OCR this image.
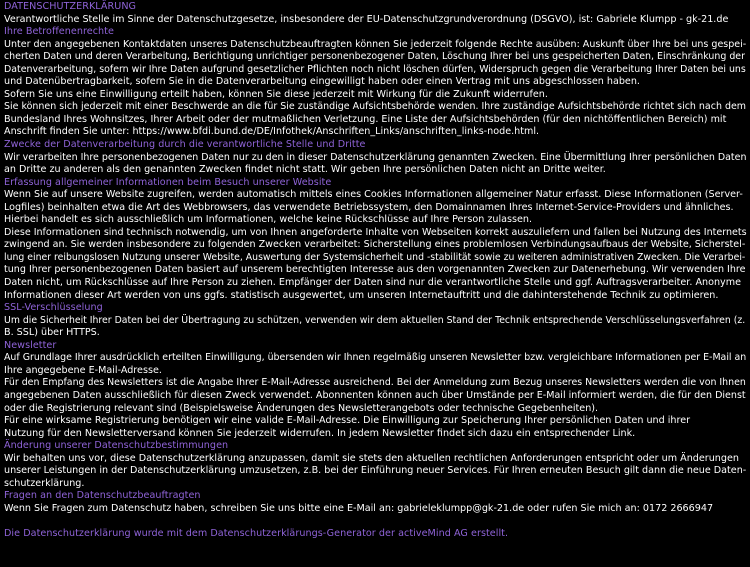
DATENSCHUTZERKLÄRUNG
Verantwortliche Stelle im Sinne der Datenschutzgesetze, insbesondere der EU-Datenschutzgrundverordnung (DSGVO), ist: Gabriele Klumpp - gk-21.de
Ihre Betroffenenrechte
Unter den angegebenen Kontaktdaten unseres Datenschutzbeauftragten können Sie jederzeit folgende Rechte ausüben: Auskunft über Ihre bei uns gespei-
cherten Daten und deren Verarbeitung, Berichtigung unrichtiger personenbezogener Daten, Löschung Ihrer bei uns gespeicherten Daten, Einschränkung der
Datenverarbeitung, sofern wir Ihre Daten aufgrund gesetzlicher Pflichten noch nicht löschen dürfen, Widerspruch gegen die Verarbeitung Ihrer Daten bei uns
und Datenübertragbarkeit, sofern Sie in die Datenverarbeitung eingewilligt haben oder einen Vertrag mit uns abgeschlossen haben.
Sofern Sie uns eine Einwilligung erteilt haben, können Sie diese jederzeit mit Wirkung für die Zukunft widerrufen.
Sie können sich jederzeit mit einer Beschwerde an die für Sie zuständige Aufsichtsbehörde wenden. Ihre zuständige Aufsichtsbehörde richtet sich nach dem
Bundesland Ihres Wohnsitzes, Ihrer Arbeit oder der mutmaßlichen Verletzung. Eine Liste der Aufsichtsbehörden (für den nichtöffentlichen Bereich) mit
Anschrift finden Sie unter: https://www.bfdi.bund.de/DE/Infothek/Anschriften_Links/anschriften_links-node.html.
Zwecke der Datenverarbeitung durch die verantwortliche Stelle und Dritte
Wir verarbeiten Ihre personenbezogenen Daten nur zu den in dieser Datenschutzerklärung genannten Zwecken. Eine Übermittlung Ihrer persönlichen Daten
an Dritte zu anderen als den genannten Zwecken findet nicht statt. Wir geben Ihre persönlichen Daten nicht an Dritte weiter.
Erfassung allgemeiner Informationen beim Besuch unserer Website
Wenn Sie auf unsere Website zugreifen, werden automatisch mittels eines Cookies Informationen allgemeiner Natur erfasst. Diese Informationen (Server-
Logfiles) beinhalten etwa die Art des Webbrowsers, das verwendete Betriebssystem, den Domainnamen Ihres Internet-Service-Providers und ähnliches.
Hierbei handelt es sich ausschließlich um Informationen, welche keine Rückschlüsse auf Ihre Person zulassen.
Diese Informationen sind technisch notwendig, um von Ihnen angeforderte Inhalte von Webseiten korrekt auszuliefern und fallen bei Nutzung des Internets
zwingend an. Sie werden insbesondere zu folgenden Zwecken verarbeitet: Sicherstellung eines problemlosen Verbindungsaufbaus der Website, Sicherstel-
lung einer reibungslosen Nutzung unserer Website, Auswertung der Systemsicherheit und -stabilität sowie zu weiteren administrativen Zwecken. Die Verarbei-
tung Ihrer personenbezogenen Daten basiert auf unserem berechtigten Interesse aus den vorgenannten Zwecken zur Datenerhebung. Wir verwenden Ihre
Daten nicht, um Rückschlüsse auf Ihre Person zu ziehen. Empfänger der Daten sind nur die verantwortliche Stelle und ggf. Auftragsverarbeiter. Anonyme
Informationen dieser Art werden von uns ggfs. statistisch ausgewertet, um unseren Internetauftritt und die dahinterstehende Technik zu optimieren.
SSL-Verschlüsselung
Um die Sicherheit Ihrer Daten bei der Übertragung zu schützen, verwenden wir dem aktuellen Stand der Technik entsprechende Verschlüsselungsverfahren (z.
B. SSL) über HTTPS.
Newsletter
Auf Grundlage Ihrer ausdrücklich erteilten Einwilligung, übersenden wir Ihnen regelmäßig unseren Newsletter bzw. vergleichbare Informationen per E-Mail an
Ihre angegebene E-Mail-Adresse.
Für den Empfang des Newsletters ist die Angabe Ihrer E-Mail-Adresse ausreichend. Bei der Anmeldung zum Bezug unseres Newsletters werden die von Ihnen
angegebenen Daten ausschließlich für diesen Zweck verwendet. Abonnenten können auch über Umstände per E-Mail informiert werden, die für den Dienst
oder die Registrierung relevant sind (Beispielsweise Änderungen des Newsletterangebots oder technische Gegebenheiten).
Für eine wirksame Registrierung benötigen wir eine valide E-Mail-Adresse. Die Einwilligung zur Speicherung Ihrer persönlichen Daten und ihrer
Nutzung für den Newsletterversand können Sie jederzeit widerrufen. In jedem Newsletter findet sich dazu ein entsprechender Link.
Änderung unserer Datenschutzbestimmungen
Wir behalten uns vor, diese Datenschutzerklärung anzupassen, damit sie stets den aktuellen rechtlichen Anforderungen entspricht oder um Änderungen
unserer Leistungen in der Datenschutzerklärung umzusetzen, z.B. bei der Einführung neuer Services. Für Ihren erneuten Besuch gilt dann die neue Daten-
schutzerklärung.
Fragen an den Datenschutzbeauftragten
Wenn Sie Fragen zum Datenschutz haben, schreiben Sie uns bitte eine E-Mail an: gabrieleklumpp@gk-21.de oder rufen Sie mich an: 0172 2666947
Die Datenschutzerklärung wurde mit dem Datenschutzerklärungs-Generator der activeMind AG erstellt.
